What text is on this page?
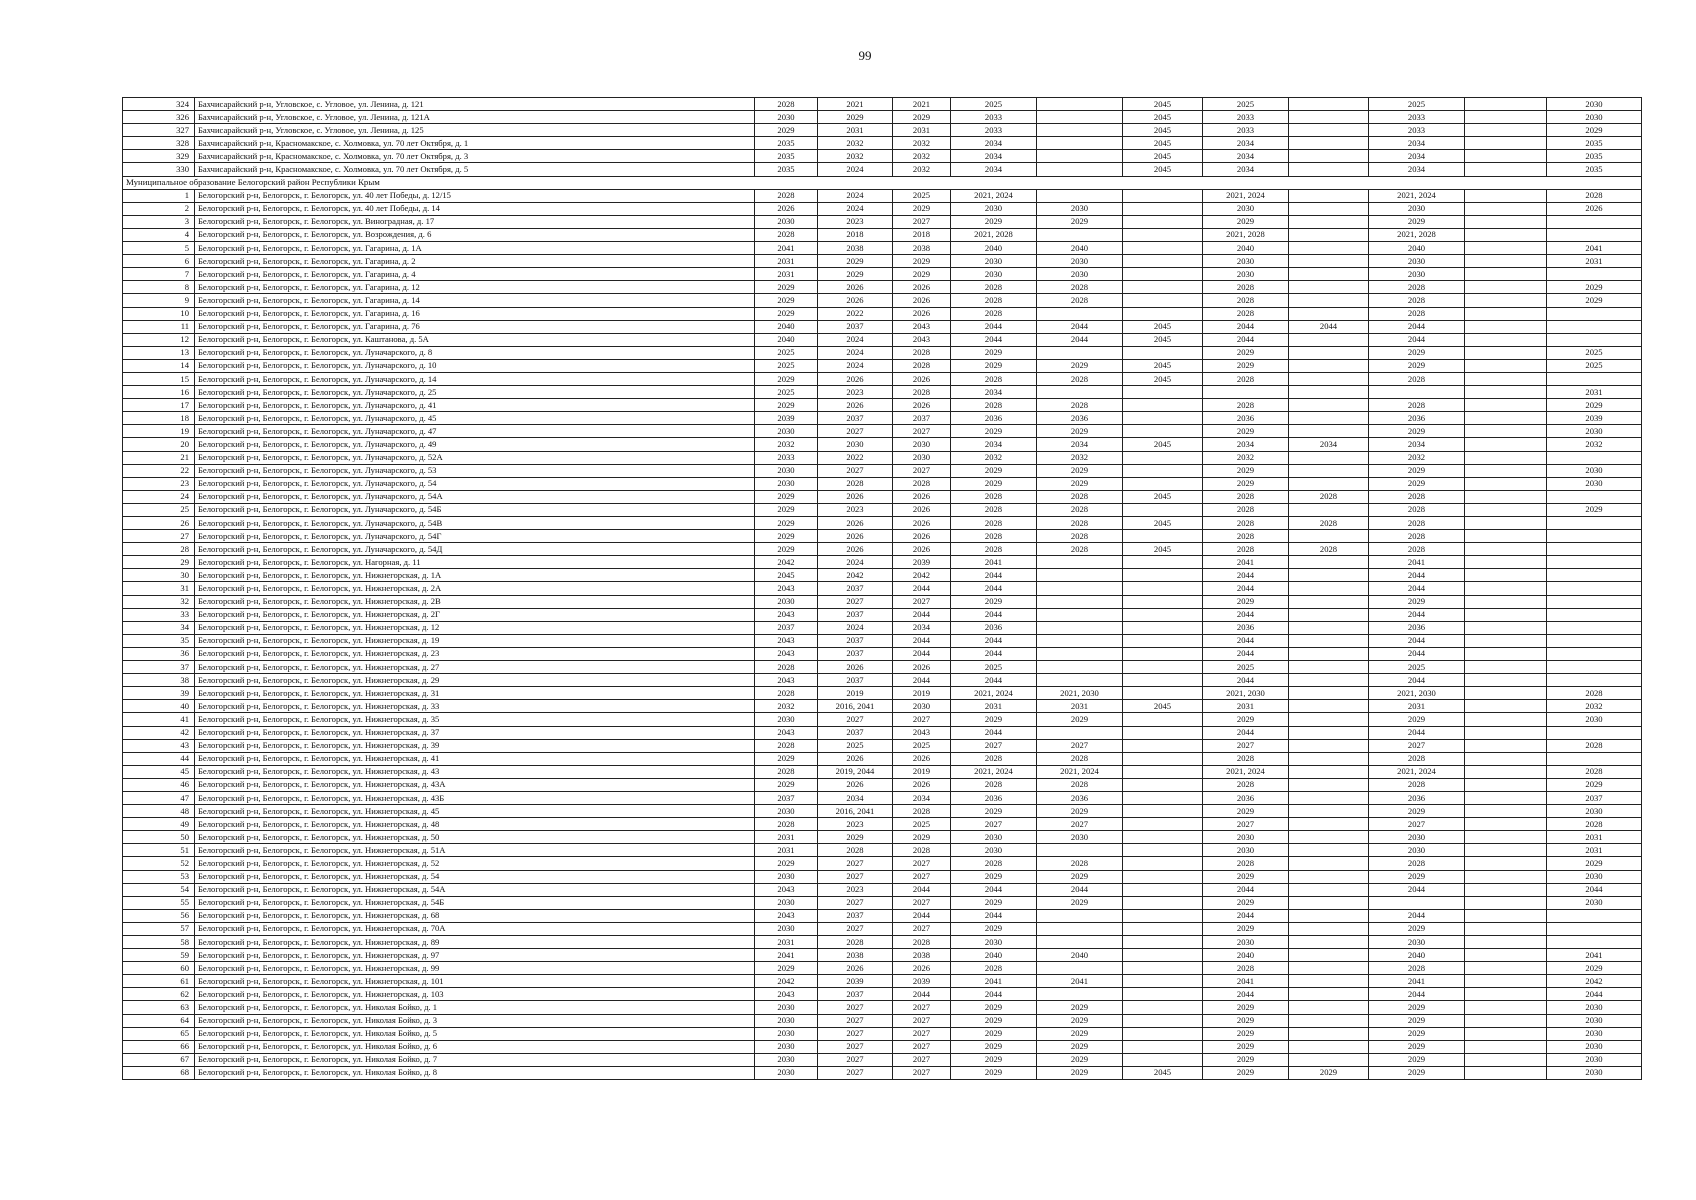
99
324	Бахчисарайский р-н, Угловское, с. Угловое, ул. Ленина, д. 121	2028	2021	2021	2025		2045	2025		2025		2030
326	Бахчисарайский р-н, Угловское, с. Угловое, ул. Ленина, д. 121А	2030	2029	2029	2033		2045	2033		2033		2030
327	Бахчисарайский р-н, Угловское, с. Угловое, ул. Ленина, д. 125	2029	2031	2031	2033		2045	2033		2033		2029
328	Бахчисарайский р-н, Красномакское, с. Холмовка, ул. 70 лет Октября, д. 1	2035	2032	2032	2034		2045	2034		2034		2035
329	Бахчисарайский р-н, Красномакское, с. Холмовка, ул. 70 лет Октября, д. 3	2035	2032	2032	2034		2045	2034		2034		2035
330	Бахчисарайский р-н, Красномакское, с. Холмовка, ул. 70 лет Октября, д. 5	2035	2024	2032	2034		2045	2034		2034		2035
Муниципальное образование Белогорский район Республики Крым												
1	Белогорский р-н, Белогорск, г. Белогорск, ул. 40 лет Победы, д. 12/15	2028	2024	2025	2021, 2024			2021, 2024		2021, 2024		2028
2	Белогорский р-н, Белогорск, г. Белогорск, ул. 40 лет Победы, д. 14	2026	2024	2029	2030	2030		2030		2030		2026
3	Белогорский р-н, Белогорск, г. Белогорск, ул. Виноградная, д. 17	2030	2023	2027	2029	2029		2029		2029		
4	Белогорский р-н, Белогорск, г. Белогорск, ул. Возрождения, д. 6	2028	2018	2018	2021, 2028			2021, 2028		2021, 2028		
5	Белогорский р-н, Белогорск, г. Белогорск, ул. Гагарина, д. 1А	2041	2038	2038	2040	2040		2040		2040		2041
6	Белогорский р-н, Белогорск, г. Белогорск, ул. Гагарина, д. 2	2031	2029	2029	2030	2030		2030		2030		2031
7	Белогорский р-н, Белогорск, г. Белогорск, ул. Гагарина, д. 4	2031	2029	2029	2030	2030		2030		2030		
8	Белогорский р-н, Белогорск, г. Белогорск, ул. Гагарина, д. 12	2029	2026	2026	2028	2028		2028		2028		2029
9	Белогорский р-н, Белогорск, г. Белогорск, ул. Гагарина, д. 14	2029	2026	2026	2028	2028		2028		2028		2029
10	Белогорский р-н, Белогорск, г. Белогорск, ул. Гагарина, д. 16	2029	2022	2026	2028			2028		2028		
11	Белогорский р-н, Белогорск, г. Белогорск, ул. Гагарина, д. 76	2040	2037	2043	2044	2044	2045	2044	2044	2044		
12	Белогорский р-н, Белогорск, г. Белогорск, ул. Каштанова, д. 5А	2040	2024	2043	2044	2044	2045	2044		2044		
13	Белогорский р-н, Белогорск, г. Белогорск, ул. Луначарского, д. 8	2025	2024	2028	2029			2029		2029		2025
14	Белогорский р-н, Белогорск, г. Белогорск, ул. Луначарского, д. 10	2025	2024	2028	2029	2029	2045	2029		2029		2025
15	Белогорский р-н, Белогорск, г. Белогорск, ул. Луначарского, д. 14	2029	2026	2026	2028	2028	2045	2028		2028		
16	Белогорский р-н, Белогорск, г. Белогорск, ул. Луначарского, д. 25	2025	2023	2028	2034							2031
17	Белогорский р-н, Белогорск, г. Белогорск, ул. Луначарского, д. 41	2029	2026	2026	2028	2028		2028		2028		2029
18	Белогорский р-н, Белогорск, г. Белогорск, ул. Луначарского, д. 45	2039	2037	2037	2036	2036		2036		2036		2039
19	Белогорский р-н, Белогорск, г. Белогорск, ул. Луначарского, д. 47	2030	2027	2027	2029	2029		2029		2029		2030
20	Белогорский р-н, Белогорск, г. Белогорск, ул. Луначарского, д. 49	2032	2030	2030	2034	2034	2045	2034	2034	2034		2032
21	Белогорский р-н, Белогорск, г. Белогорск, ул. Луначарского, д. 52А	2033	2022	2030	2032	2032		2032		2032		
22	Белогорский р-н, Белогорск, г. Белогорск, ул. Луначарского, д. 53	2030	2027	2027	2029	2029		2029		2029		2030
23	Белогорский р-н, Белогорск, г. Белогорск, ул. Луначарского, д. 54	2030	2028	2028	2029	2029		2029		2029		2030
24	Белогорский р-н, Белогорск, г. Белогорск, ул. Луначарского, д. 54А	2029	2026	2026	2028	2028	2045	2028	2028	2028		
25	Белогорский р-н, Белогорск, г. Белогорск, ул. Луначарского, д. 54Б	2029	2023	2026	2028	2028		2028		2028		2029
26	Белогорский р-н, Белогорск, г. Белогорск, ул. Луначарского, д. 54В	2029	2026	2026	2028	2028	2045	2028	2028	2028		
27	Белогорский р-н, Белогорск, г. Белогорск, ул. Луначарского, д. 54Г	2029	2026	2026	2028	2028		2028		2028		
28	Белогорский р-н, Белогорск, г. Белогорск, ул. Луначарского, д. 54Д	2029	2026	2026	2028	2028	2045	2028	2028	2028		
29	Белогорский р-н, Белогорск, г. Белогорск, ул. Нагорная, д. 11	2042	2024	2039	2041			2041		2041		
30	Белогорский р-н, Белогорск, г. Белогорск, ул. Нижнегорская, д. 1А	2045	2042	2042	2044			2044		2044		
31	Белогорский р-н, Белогорск, г. Белогорск, ул. Нижнегорская, д. 2А	2043	2037	2044	2044			2044		2044		
32	Белогорский р-н, Белогорск, г. Белогорск, ул. Нижнегорская, д. 2В	2030	2027	2027	2029			2029		2029		
33	Белогорский р-н, Белогорск, г. Белогорск, ул. Нижнегорская, д. 2Г	2043	2037	2044	2044			2044		2044		
34	Белогорский р-н, Белогорск, г. Белогорск, ул. Нижнегорская, д. 12	2037	2024	2034	2036			2036		2036		
35	Белогорский р-н, Белогорск, г. Белогорск, ул. Нижнегорская, д. 19	2043	2037	2044	2044			2044		2044		
36	Белогорский р-н, Белогорск, г. Белогорск, ул. Нижнегорская, д. 23	2043	2037	2044	2044			2044		2044		
37	Белогорский р-н, Белогорск, г. Белогорск, ул. Нижнегорская, д. 27	2028	2026	2026	2025			2025		2025		
38	Белогорский р-н, Белогорск, г. Белогорск, ул. Нижнегорская, д. 29	2043	2037	2044	2044			2044		2044		
39	Белогорский р-н, Белогорск, г. Белогорск, ул. Нижнегорская, д. 31	2028	2019	2019	2021, 2024	2021, 2030		2021, 2030		2021, 2030		2028
40	Белогорский р-н, Белогорск, г. Белогорск, ул. Нижнегорская, д. 33	2032	2016, 2041	2030	2031	2031	2045	2031		2031		2032
41	Белогорский р-н, Белогорск, г. Белогорск, ул. Нижнегорская, д. 35	2030	2027	2027	2029	2029		2029		2029		2030
42	Белогорский р-н, Белогорск, г. Белогорск, ул. Нижнегорская, д. 37	2043	2037	2043	2044			2044		2044		
43	Белогорский р-н, Белогорск, г. Белогорск, ул. Нижнегорская, д. 39	2028	2025	2025	2027	2027		2027		2027		2028
44	Белогорский р-н, Белогорск, г. Белогорск, ул. Нижнегорская, д. 41	2029	2026	2026	2028	2028		2028		2028		
45	Белогорский р-н, Белогорск, г. Белогорск, ул. Нижнегорская, д. 43	2028	2019, 2044	2019	2021, 2024	2021, 2024		2021, 2024		2021, 2024		2028
46	Белогорский р-н, Белогорск, г. Белогорск, ул. Нижнегорская, д. 43А	2029	2026	2026	2028	2028		2028		2028		2029
47	Белогорский р-н, Белогорск, г. Белогорск, ул. Нижнегорская, д. 43Б	2037	2034	2034	2036	2036		2036		2036		2037
48	Белогорский р-н, Белогорск, г. Белогорск, ул. Нижнегорская, д. 45	2030	2016, 2041	2028	2029	2029		2029		2029		2030
49	Белогорский р-н, Белогорск, г. Белогорск, ул. Нижнегорская, д. 48	2028	2023	2025	2027	2027		2027		2027		2028
50	Белогорский р-н, Белогорск, г. Белогорск, ул. Нижнегорская, д. 50	2031	2029	2029	2030	2030		2030		2030		2031
51	Белогорский р-н, Белогорск, г. Белогорск, ул. Нижнегорская, д. 51А	2031	2028	2028	2030			2030		2030		2031
52	Белогорский р-н, Белогорск, г. Белогорск, ул. Нижнегорская, д. 52	2029	2027	2027	2028	2028		2028		2028		2029
53	Белогорский р-н, Белогорск, г. Белогорск, ул. Нижнегорская, д. 54	2030	2027	2027	2029	2029		2029		2029		2030
54	Белогорский р-н, Белогорск, г. Белогорск, ул. Нижнегорская, д. 54А	2043	2023	2044	2044	2044		2044		2044		2044
55	Белогорский р-н, Белогорск, г. Белогорск, ул. Нижнегорская, д. 54Б	2030	2027	2027	2029	2029		2029				2030
56	Белогорский р-н, Белогорск, г. Белогорск, ул. Нижнегорская, д. 68	2043	2037	2044	2044			2044		2044		
57	Белогорский р-н, Белогорск, г. Белогорск, ул. Нижнегорская, д. 70А	2030	2027	2027	2029			2029		2029		
58	Белогорский р-н, Белогорск, г. Белогорск, ул. Нижнегорская, д. 89	2031	2028	2028	2030			2030		2030		
59	Белогорский р-н, Белогорск, г. Белогорск, ул. Нижнегорская, д. 97	2041	2038	2038	2040	2040		2040		2040		2041
60	Белогорский р-н, Белогорск, г. Белогорск, ул. Нижнегорская, д. 99	2029	2026	2026	2028			2028		2028		2029
61	Белогорский р-н, Белогорск, г. Белогорск, ул. Нижнегорская, д. 101	2042	2039	2039	2041	2041		2041		2041		2042
62	Белогорский р-н, Белогорск, г. Белогорск, ул. Нижнегорская, д. 103	2043	2037	2044	2044			2044		2044		2044
63	Белогорский р-н, Белогорск, г. Белогорск, ул. Николая Бойко, д. 1	2030	2027	2027	2029	2029		2029		2029		2030
64	Белогорский р-н, Белогорск, г. Белогорск, ул. Николая Бойко, д. 3	2030	2027	2027	2029	2029		2029		2029		2030
65	Белогорский р-н, Белогорск, г. Белогорск, ул. Николая Бойко, д. 5	2030	2027	2027	2029	2029		2029		2029		2030
66	Белогорский р-н, Белогорск, г. Белогорск, ул. Николая Бойко, д. 6	2030	2027	2027	2029	2029		2029		2029		2030
67	Белогорский р-н, Белогорск, г. Белогорск, ул. Николая Бойко, д. 7	2030	2027	2027	2029	2029		2029		2029		2030
68	Белогорский р-н, Белогорск, г. Белогорск, ул. Николая Бойко, д. 8	2030	2027	2027	2029	2029	2045	2029	2029	2029		2030
